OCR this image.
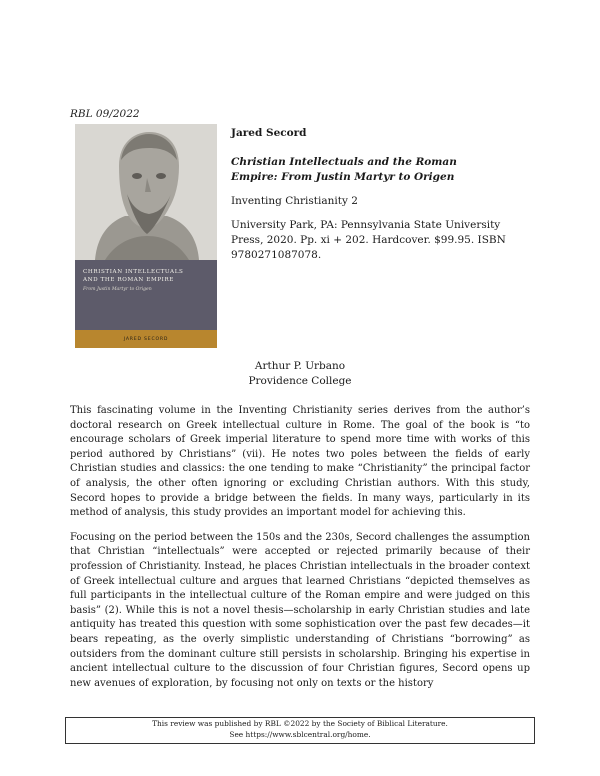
RBL 09/2022
CHRISTIAN INTELLECTUALS
AND THE ROMAN EMPIRE
From Justin Martyr to Origen
JARED SECORD

Jared Secord

Christian Intellectuals and the Roman Empire: From Justin Martyr to Origen

Inventing Christianity 2

University Park, PA: Pennsylvania State University Press, 2020. Pp. xi + 202. Hardcover. $99.95. ISBN 9780271087078.

Arthur P. Urbano
Providence College

This fascinating volume in the Inventing Christianity series derives from the author’s doctoral research on Greek intellectual culture in Rome. The goal of the book is “to encourage scholars of Greek imperial literature to spend more time with works of this period authored by Christians” (vii). He notes two poles between the fields of early Christian studies and classics: the one tending to make “Christianity” the principal factor of analysis, the other often ignoring or excluding Christian authors. With this study, Secord hopes to provide a bridge between the fields. In many ways, particularly in its method of analysis, this study provides an important model for achieving this.

Focusing on the period between the 150s and the 230s, Secord challenges the assumption that Christian “intellectuals” were accepted or rejected primarily because of their profession of Christianity. Instead, he places Christian intellectuals in the broader context of Greek intellectual culture and argues that learned Christians “depicted themselves as full participants in the intellectual culture of the Roman empire and were judged on this basis” (2). While this is not a novel thesis—scholarship in early Christian studies and late antiquity has treated this question with some sophistication over the past few decades—it bears repeating, as the overly simplistic understanding of Christians “borrowing” as outsiders from the dominant culture still persists in scholarship. Bringing his expertise in ancient intellectual culture to the discussion of four Christian figures, Secord opens up new avenues of exploration, by focusing not only on texts or the history

This review was published by RBL ©2022 by the Society of Biblical Literature.
See https://www.sblcentral.org/home.
